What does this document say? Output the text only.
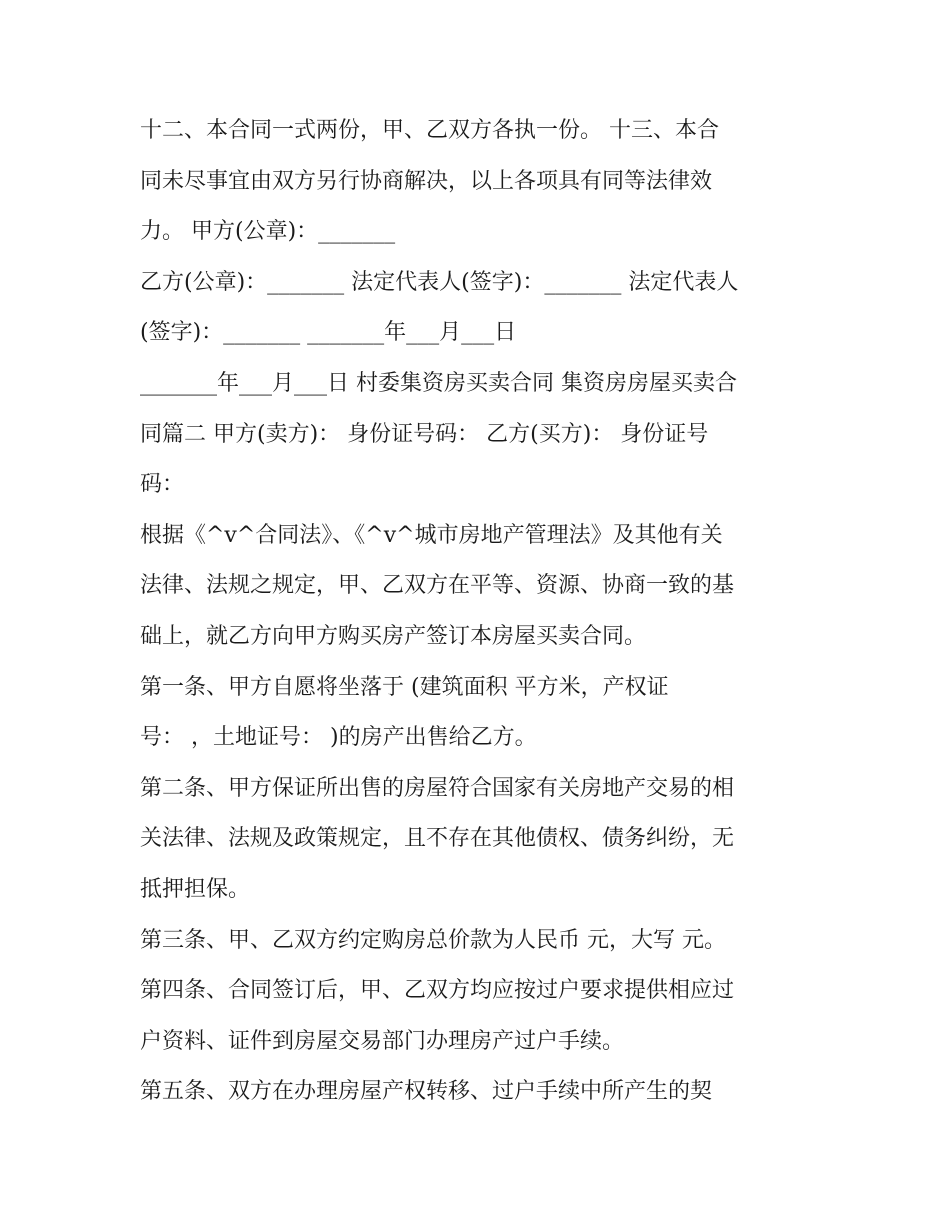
十二、本合同一式两份，甲、乙双方各执一份。 十三、本合
同未尽事宜由双方另行协商解决，以上各项具有同等法律效
力。 甲方(公章)：_______
乙方(公章)：_______ 法定代表人(签字)：_______ 法定代表人
(签字)：_______ _______年___月___日
_______年___月___日 村委集资房买卖合同 集资房房屋买卖合
同篇二 甲方(卖方)： 身份证号码： 乙方(买方)： 身份证号
码：
根据《^v^合同法》、《^v^城市房地产管理法》及其他有关
法律、法规之规定，甲、乙双方在平等、资源、协商一致的基
础上，就乙方向甲方购买房产签订本房屋买卖合同。
第一条、甲方自愿将坐落于 (建筑面积 平方米，产权证
号： ，土地证号： )的房产出售给乙方。
第二条、甲方保证所出售的房屋符合国家有关房地产交易的相
关法律、法规及政策规定，且不存在其他债权、债务纠纷，无
抵押担保。
第三条、甲、乙双方约定购房总价款为人民币 元，大写 元。
第四条、合同签订后，甲、乙双方均应按过户要求提供相应过
户资料、证件到房屋交易部门办理房产过户手续。
第五条、双方在办理房屋产权转移、过户手续中所产生的契
